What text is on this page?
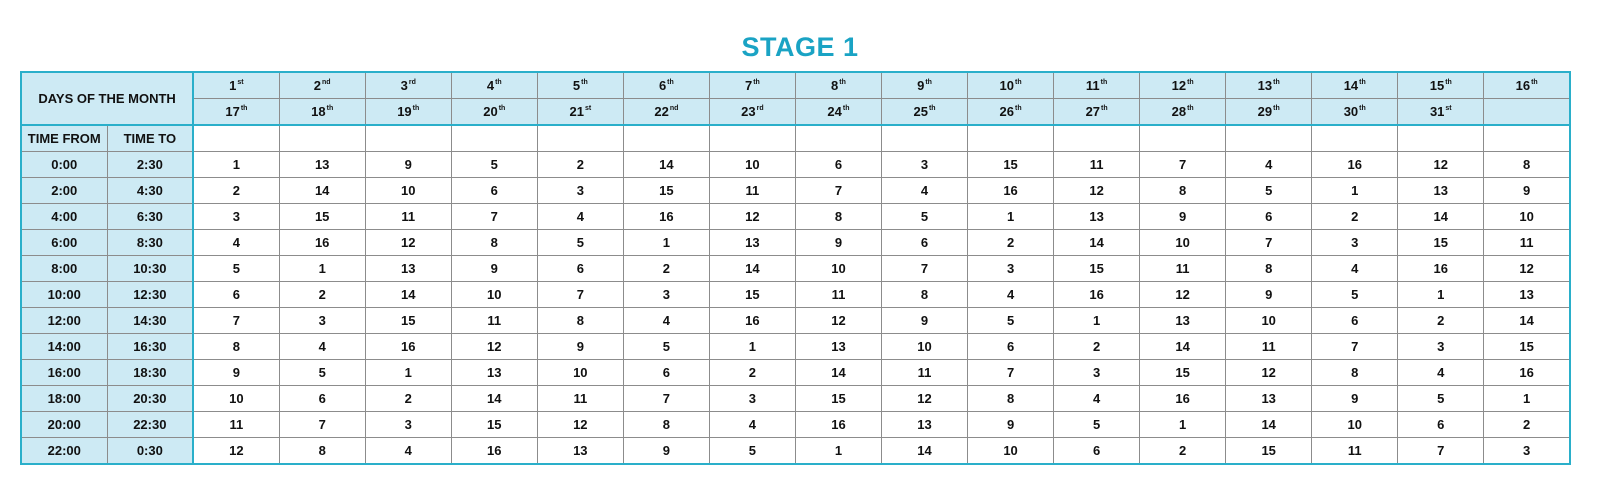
STAGE 1
DAYS OF THE MONTH		1st	2nd	3rd	4th	5th	6th	7th	8th	9th	10th	11th	12th	13th	14th	15th	16th
		17th	18th	19th	20th	21st	22nd	23rd	24th	25th	26th	27th	28th	29th	30th	31st	
TIME FROM	TIME TO																
0:00	2:30	1	13	9	5	2	14	10	6	3	15	11	7	4	16	12	8
2:00	4:30	2	14	10	6	3	15	11	7	4	16	12	8	5	1	13	9
4:00	6:30	3	15	11	7	4	16	12	8	5	1	13	9	6	2	14	10
6:00	8:30	4	16	12	8	5	1	13	9	6	2	14	10	7	3	15	11
8:00	10:30	5	1	13	9	6	2	14	10	7	3	15	11	8	4	16	12
10:00	12:30	6	2	14	10	7	3	15	11	8	4	16	12	9	5	1	13
12:00	14:30	7	3	15	11	8	4	16	12	9	5	1	13	10	6	2	14
14:00	16:30	8	4	16	12	9	5	1	13	10	6	2	14	11	7	3	15
16:00	18:30	9	5	1	13	10	6	2	14	11	7	3	15	12	8	4	16
18:00	20:30	10	6	2	14	11	7	3	15	12	8	4	16	13	9	5	1
20:00	22:30	11	7	3	15	12	8	4	16	13	9	5	1	14	10	6	2
22:00	0:30	12	8	4	16	13	9	5	1	14	10	6	2	15	11	7	3
